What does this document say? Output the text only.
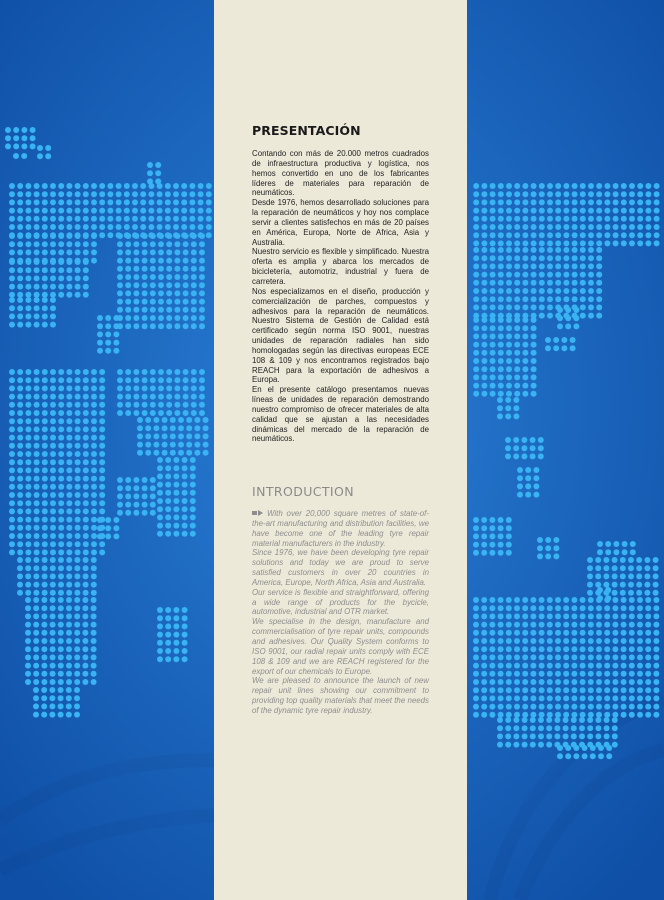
PRESENTACIÓN

Contando con más de 20.000 metros cuadrados de infraestructura productiva y logística, nos hemos convertido en uno de los fabricantes líderes de materiales para reparación de neumáticos.

Desde 1976, hemos desarrollado soluciones para la reparación de neumáticos y hoy nos complace servir a clientes satisfechos en más de 20 países en América, Europa, Norte de Africa, Asia y Australia.

Nuestro servicio es flexible y simplificado. Nuestra oferta es amplia y abarca los mercados de bicicletería, automotriz, industrial y fuera de carretera.

Nos especializamos en el diseño, producción y comercialización de parches, compuestos y adhesivos para la reparación de neumáticos. Nuestro Sistema de Gestión de Calidad está certificado según norma ISO 9001, nuestras unidades de reparación radiales han sido homologadas según las directivas europeas ECE 108 & 109 y nos encontramos registrados bajo REACH para la exportación de adhesivos a Europa.

En el presente catálogo presentamos nuevas líneas de unidades de reparación demostrando nuestro compromiso de ofrecer materiales de alta calidad que se ajustan a las necesidades dinámicas del mercado de la reparación de neumáticos.

INTRODUCTION

With over 20,000 square metres of state-of-the-art manufacturing and distribution facilities, we have become one of the leading tyre repair material manufacturers in the industry.

Since 1976, we have been developing tyre repair solutions and today we are proud to serve satisfied customers in over 20 countries in America, Europe, North Africa, Asia and Australia.

Our service is flexible and straightforward, offering a wide range of products for the bycicle, automotive, industrial and OTR market.

We specialise in the design, manufacture and commercialisation of tyre repair units, compounds and adhesives. Our Quality System conforms to ISO 9001, our radial repair units comply with ECE 108 & 109 and we are REACH registered for the export of our chemicals to Europe.

We are pleased to announce the launch of new repair unit lines showing our commitment to providing top quality materials that meet the needs of the dynamic tyre repair industry.
